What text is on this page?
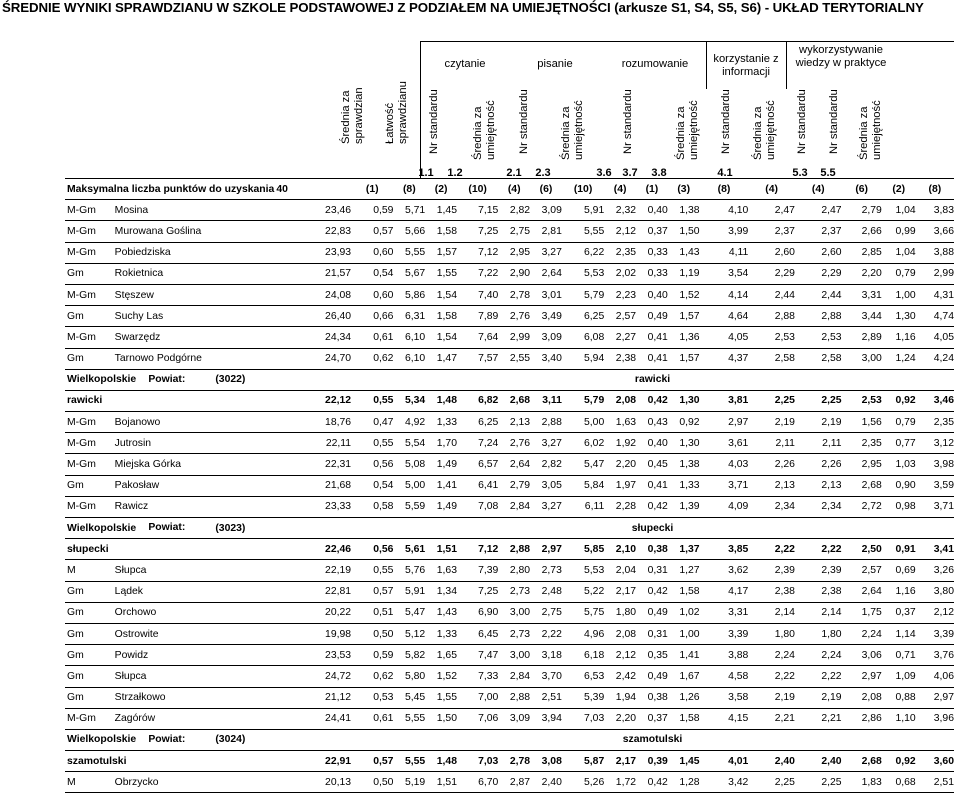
ŚREDNIE WYNIKI SPRAWDZIANU W SZKOLE PODSTAWOWEJ Z PODZIAŁEM NA UMIEJĘTNOŚCI (arkusze S1, S4, S5, S6) - UKŁAD TERYTORIALNY
Średnia za sprawdzian Łatwość sprawdzianu Nr standardu	Średnia za umiejętność Nr standardu	Średnia za umiejętność	Nr standardu	Średnia za umiejętność Nr standardu Średnia za umiejętność Nr standardu Nr standardu Średnia za umiejętność
czytanie	pisanie	rozumowanie	korzystanie z informacji
wykorzystywanie wiedzy w praktyce
1.1 1.2	2.1 2.3	3.6 3.7 3.8	4.1	5.3 5.5
Maksymalna liczba punktów do uzyskania		40	(1)	(8)	(2)	(10)	(4)	(6)	(10)	(4)	(1)	(3)	(8)	(4)	(4)	(6)	(2)	(8)
M-Gm	Mosina	23,46	0,59	5,71	1,45	7,15	2,82	3,09	5,91	2,32	0,40	1,38	4,10	2,47	2,47	2,79	1,04	3,83
M-Gm	Murowana Goślina	22,83	0,57	5,66	1,58	7,25	2,75	2,81	5,55	2,12	0,37	1,50	3,99	2,37	2,37	2,66	0,99	3,66
M-Gm	Pobiedziska	23,93	0,60	5,55	1,57	7,12	2,95	3,27	6,22	2,35	0,33	1,43	4,11	2,60	2,60	2,85	1,04	3,88
Gm	Rokietnica	21,57	0,54	5,67	1,55	7,22	2,90	2,64	5,53	2,02	0,33	1,19	3,54	2,29	2,29	2,20	0,79	2,99
M-Gm	Stęszew	24,08	0,60	5,86	1,54	7,40	2,78	3,01	5,79	2,23	0,40	1,52	4,14	2,44	2,44	3,31	1,00	4,31
Gm	Suchy Las	26,40	0,66	6,31	1,58	7,89	2,76	3,49	6,25	2,57	0,49	1,57	4,64	2,88	2,88	3,44	1,30	4,74
M-Gm	Swarzędz	24,34	0,61	6,10	1,54	7,64	2,99	3,09	6,08	2,27	0,41	1,36	4,05	2,53	2,53	2,89	1,16	4,05
Gm	Tarnowo Podgórne	24,70	0,62	6,10	1,47	7,57	2,55	3,40	5,94	2,38	0,41	1,57	4,37	2,58	2,58	3,00	1,24	4,24
Wielkopolskie		Powiat: (3022)	rawicki															
rawicki		22,12	0,55	5,34	1,48	6,82	2,68	3,11	5,79	2,08	0,42	1,30	3,81	2,25	2,25	2,53	0,92	3,46
M-Gm	Bojanowo	18,76	0,47	4,92	1,33	6,25	2,13	2,88	5,00	1,63	0,43	0,92	2,97	2,19	2,19	1,56	0,79	2,35
M-Gm	Jutrosin	22,11	0,55	5,54	1,70	7,24	2,76	3,27	6,02	1,92	0,40	1,30	3,61	2,11	2,11	2,35	0,77	3,12
M-Gm	Miejska Górka	22,31	0,56	5,08	1,49	6,57	2,64	2,82	5,47	2,20	0,45	1,38	4,03	2,26	2,26	2,95	1,03	3,98
Gm	Pakosław	21,68	0,54	5,00	1,41	6,41	2,79	3,05	5,84	1,97	0,41	1,33	3,71	2,13	2,13	2,68	0,90	3,59
M-Gm	Rawicz	23,33	0,58	5,59	1,49	7,08	2,84	3,27	6,11	2,28	0,42	1,39	4,09	2,34	2,34	2,72	0,98	3,71
Wielkopolskie		Powiat: (3023)	słupecki															
słupecki		22,46	0,56	5,61	1,51	7,12	2,88	2,97	5,85	2,10	0,38	1,37	3,85	2,22	2,22	2,50	0,91	3,41
M	Słupca	22,19	0,55	5,76	1,63	7,39	2,80	2,73	5,53	2,04	0,31	1,27	3,62	2,39	2,39	2,57	0,69	3,26
Gm	Lądek	22,81	0,57	5,91	1,34	7,25	2,73	2,48	5,22	2,17	0,42	1,58	4,17	2,38	2,38	2,64	1,16	3,80
Gm	Orchowo	20,22	0,51	5,47	1,43	6,90	3,00	2,75	5,75	1,80	0,49	1,02	3,31	2,14	2,14	1,75	0,37	2,12
Gm	Ostrowite	19,98	0,50	5,12	1,33	6,45	2,73	2,22	4,96	2,08	0,31	1,00	3,39	1,80	1,80	2,24	1,14	3,39
Gm	Powidz	23,53	0,59	5,82	1,65	7,47	3,00	3,18	6,18	2,12	0,35	1,41	3,88	2,24	2,24	3,06	0,71	3,76
Gm	Słupca	24,72	0,62	5,80	1,52	7,33	2,84	3,70	6,53	2,42	0,49	1,67	4,58	2,22	2,22	2,97	1,09	4,06
Gm	Strzałkowo	21,12	0,53	5,45	1,55	7,00	2,88	2,51	5,39	1,94	0,38	1,26	3,58	2,19	2,19	2,08	0,88	2,97
M-Gm	Zagórów	24,41	0,61	5,55	1,50	7,06	3,09	3,94	7,03	2,20	0,37	1,58	4,15	2,21	2,21	2,86	1,10	3,96
Wielkopolskie		Powiat: (3024)	szamotulski															
szamotulski		22,91	0,57	5,55	1,48	7,03	2,78	3,08	5,87	2,17	0,39	1,45	4,01	2,40	2,40	2,68	0,92	3,60
M	Obrzycko	20,13	0,50	5,19	1,51	6,70	2,87	2,40	5,26	1,72	0,42	1,28	3,42	2,25	2,25	1,83	0,68	2,51
